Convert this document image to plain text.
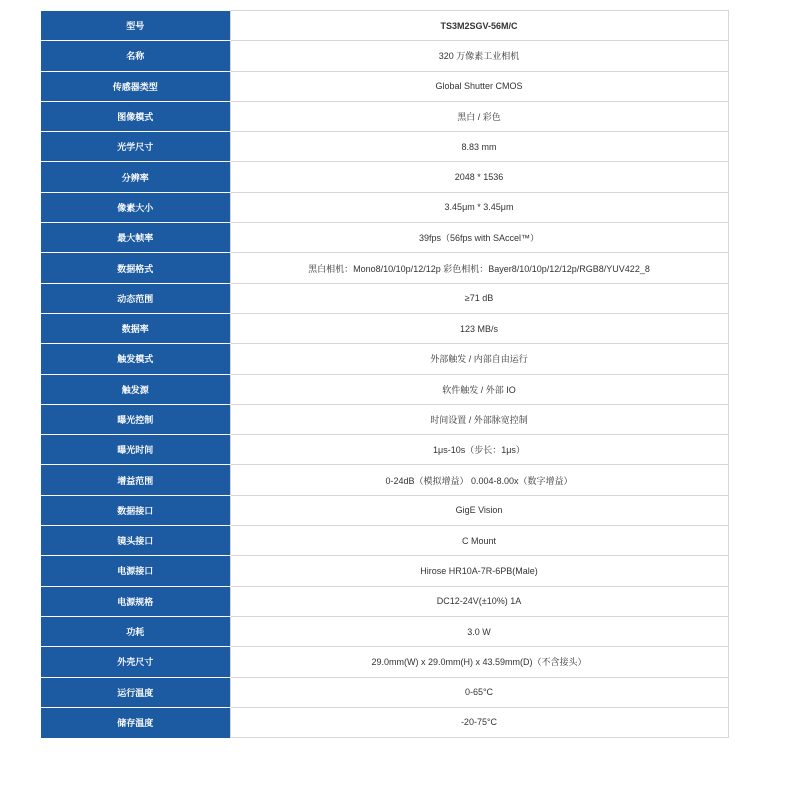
型号	TS3M2SGV-56M/C
名称	320 万像素工业相机
传感器类型	Global Shutter CMOS
图像模式	黑白 / 彩色
光学尺寸	8.83 mm
分辨率	2048 * 1536
像素大小	3.45μm * 3.45μm
最大帧率	39fps（56fps with SAccel™）
数据格式	黑白相机：Mono8/10/10p/12/12p 彩色相机：Bayer8/10/10p/12/12p/RGB8/YUV422_8
动态范围	≥71 dB
数据率	123 MB/s
触发模式	外部触发 / 内部自由运行
触发源	软件触发 / 外部 IO
曝光控制	时间设置 / 外部脉宽控制
曝光时间	1μs-10s（步长：1μs）
增益范围	0-24dB（模拟增益） 0.004-8.00x（数字增益）
数据接口	GigE Vision
镜头接口	C Mount
电源接口	Hirose HR10A-7R-6PB(Male)
电源规格	DC12-24V(±10%) 1A
功耗	3.0 W
外壳尺寸	29.0mm(W) x 29.0mm(H) x 43.59mm(D)（不含接头）
运行温度	0-65°C
储存温度	-20-75°C
